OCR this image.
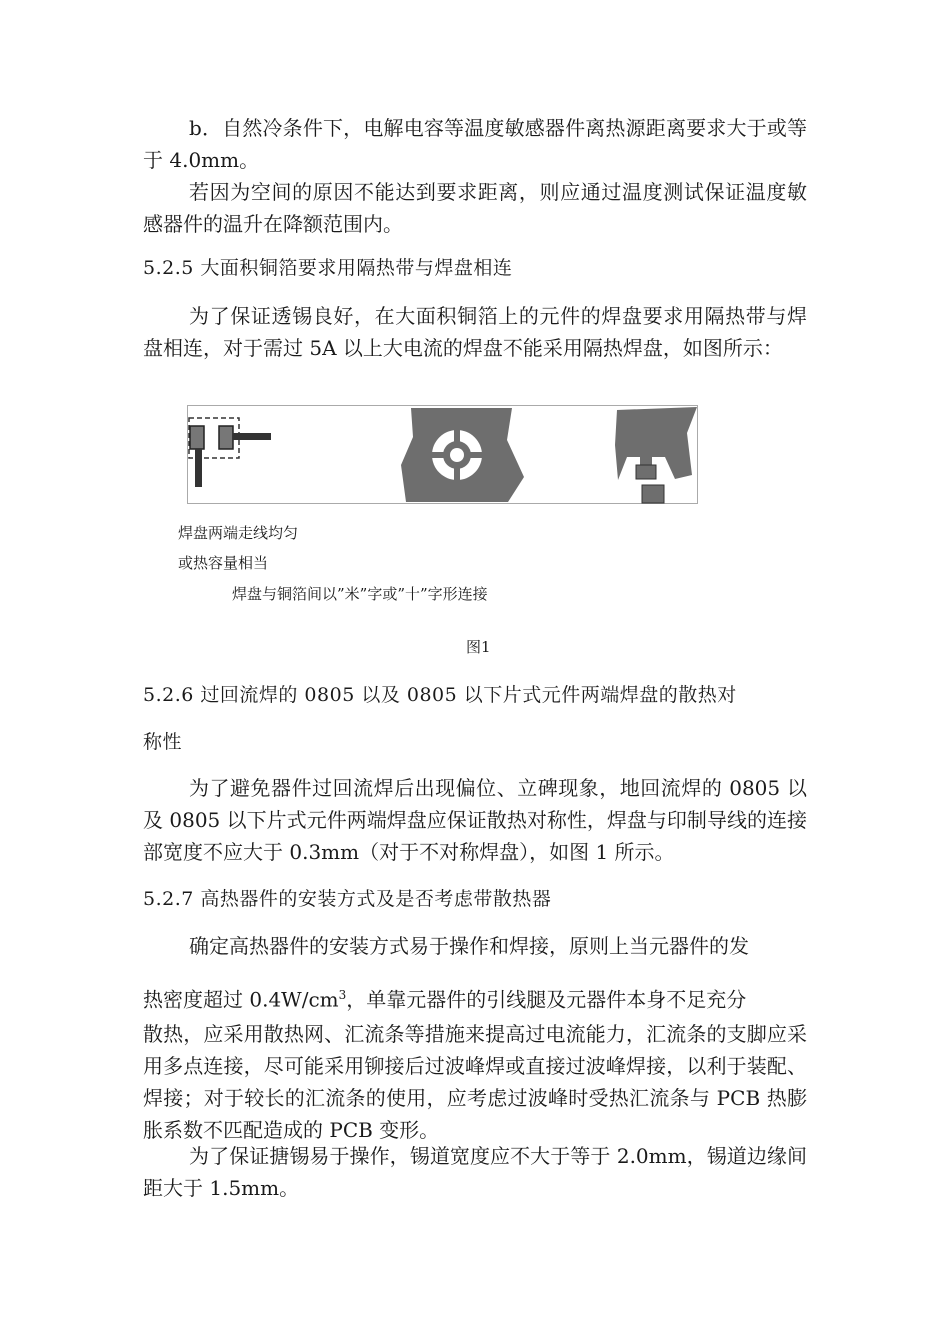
b．自然冷条件下，电解电容等温度敏感器件离热源距离要求大于或等于 4.0mm。

若因为空间的原因不能达到要求距离，则应通过温度测试保证温度敏感器件的温升在降额范围内。

5.2.5 大面积铜箔要求用隔热带与焊盘相连

为了保证透锡良好，在大面积铜箔上的元件的焊盘要求用隔热带与焊盘相连，对于需过 5A 以上大电流的焊盘不能采用隔热焊盘，如图所示：

焊盘两端走线均匀

或热容量相当

焊盘与铜箔间以”米”字或”十”字形连接

图1

5.2.6 过回流焊的 0805 以及 0805 以下片式元件两端焊盘的散热对

称性

为了避免器件过回流焊后出现偏位、立碑现象，地回流焊的 0805 以及 0805 以下片式元件两端焊盘应保证散热对称性，焊盘与印制导线的连接部宽度不应大于 0.3mm（对于不对称焊盘），如图 1 所示。

5.2.7 高热器件的安装方式及是否考虑带散热器

确定高热器件的安装方式易于操作和焊接，原则上当元器件的发

热密度超过 $0.4W/cm^3$，单靠元器件的引线腿及元器件本身不足充分

散热，应采用散热网、汇流条等措施来提高过电流能力，汇流条的支脚应采用多点连接，尽可能采用铆接后过波峰焊或直接过波峰焊接，以利于装配、焊接；对于较长的汇流条的使用，应考虑过波峰时受热汇流条与 PCB 热膨胀系数不匹配造成的 PCB 变形。

为了保证搪锡易于操作，锡道宽度应不大于等于 2.0mm，锡道边缘间距大于 1.5mm。
